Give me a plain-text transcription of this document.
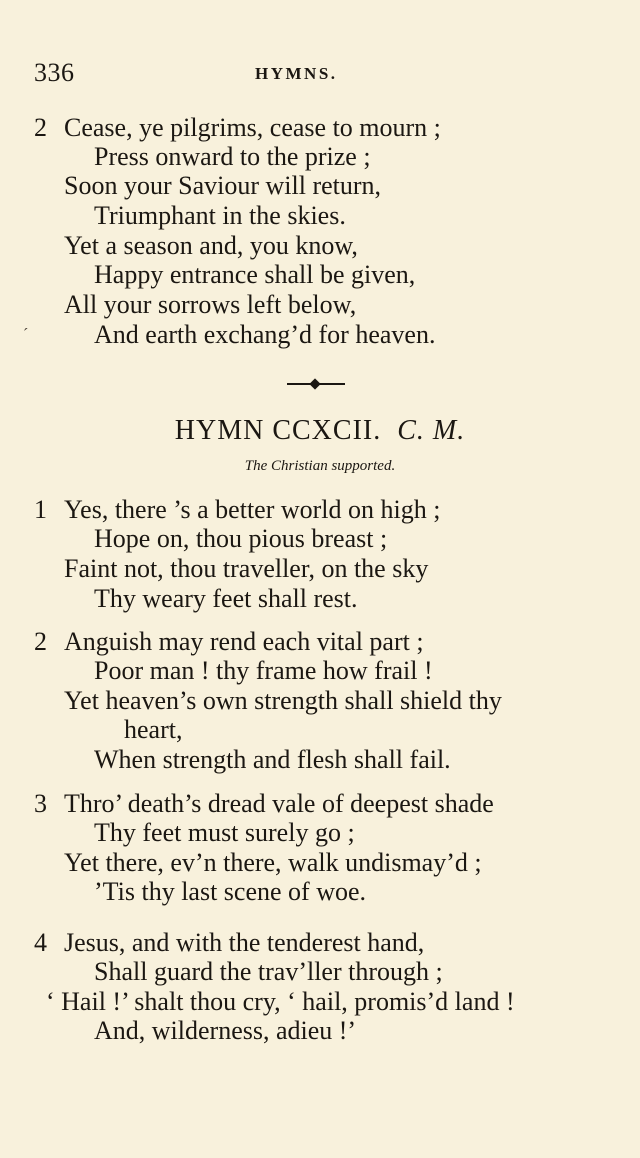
336	HYMNS.
2 Cease, ye pilgrims, cease to mourn ;
Press onward to the prize ;
Soon your Saviour will return,
Triumphant in the skies.
Yet a season and, you know,
Happy entrance shall be given,
All your sorrows left below,
ˊ	And earth exchang’d for heaven.
HYMN CCXCII. C. M.
The Christian supported.
1 Yes, there ’s a better world on high ;
Hope on, thou pious breast ;
Faint not, thou traveller, on the sky
Thy weary feet shall rest.
2 Anguish may rend each vital part ;
Poor man ! thy frame how frail !
Yet heaven’s own strength shall shield thy
heart,
When strength and flesh shall fail.
3 Thro’ death’s dread vale of deepest shade
Thy feet must surely go ;
Yet there, ev’n there, walk undismay’d ;
’Tis thy last scene of woe.
4 Jesus, and with the tenderest hand,
Shall guard the trav’ller through ;
‘ Hail !’ shalt thou cry, ‘ hail, promis’d land !
And, wilderness, adieu !’
